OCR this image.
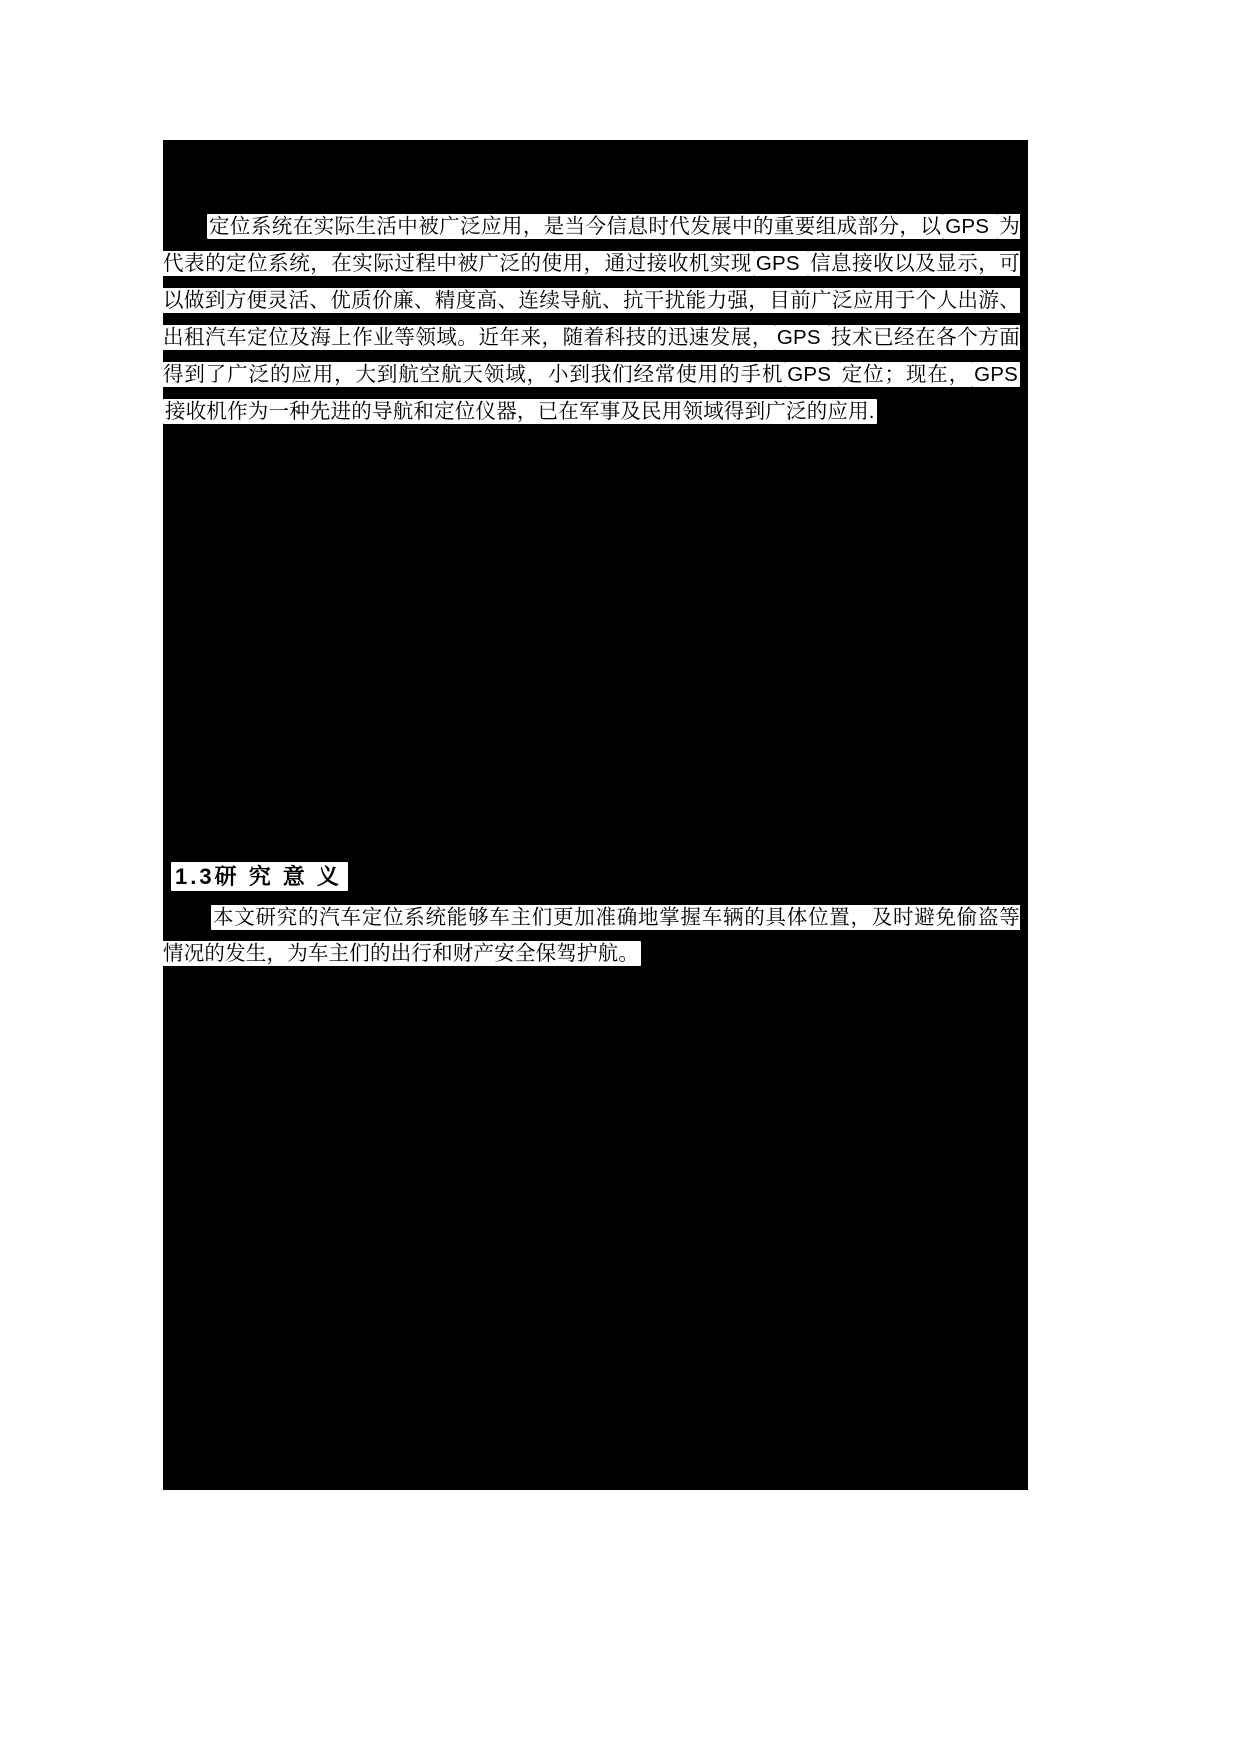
定位系统在实际生活中被广泛应用，是当今信息时代发展中的重要组成部分，以 GPS 为代表的定位系统，在实际过程中被广泛的使用，通过接收机实现 GPS 信息接收以及显示，可以做到方便灵活、优质价廉、精度高、连续导航、抗干扰能力强，目前广泛应用于个人出游、出租汽车定位及海上作业等领域。近年来，随着科技的迅速发展， GPS 技术已经在各个方面得到了广泛的应用，大到航空航天领域，小到我们经常使用的手机 GPS 定位；现在， GPS 接收机作为一种先进的导航和定位仪器，已在军事及民用领域得到广泛的应用.

1.3研 究 意 义

本文研究的汽车定位系统能够车主们更加准确地掌握车辆的具体位置，及时避免偷盗等情况的发生，为车主们的出行和财产安全保驾护航。
